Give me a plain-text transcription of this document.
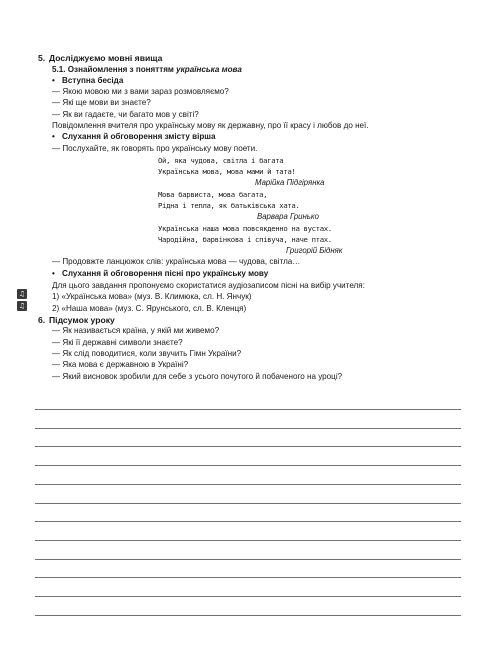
5. Досліджуємо мовні явища
5.1. Ознайомлення з поняттям українська мова
• Вступна бесіда
— Якою мовою ми з вами зараз розмовляємо?
— Які ще мови ви знаєте?
— Як ви гадаєте, чи багато мов у світі?
Повідомлення вчителя про українську мову як державну, про її красу і любов до неї.
• Слухання й обговорення змісту вірша
— Послухайте, як говорять про українську мову поети.
Ой, яка чудова, світла і багата
Українська мова, мова мами й тата!
Марійка Підгірянка
Мова барвиста, мова багата,
Рідна і тепла, як батьківська хата.
Варвара Гринько
Українська наша мова повсякденно на вустах.
Чародійна, барвінкова і співуча, наче птах.
Григорій Бідняк
— Продовжте ланцюжок слів: українська мова — чудова, світла…
• Слухання й обговорення пісні про українську мову
Для цього завдання пропонуємо скористатися аудіозаписом пісні на вибір учителя:
1) «Українська мова» (муз. В. Климюка, сл. Н. Янчук)
2) «Наша мова» (муз. С. Ярунського, сл. В. Кленця)
♫
♫
6. Підсумок уроку
— Як називається країна, у якій ми живемо?
— Які її державні символи знаєте?
— Як слід поводитися, коли звучить Гімн України?
— Яка мова є державною в Україні?
— Який висновок зробили для себе з усього почутого й побаченого на уроці?
